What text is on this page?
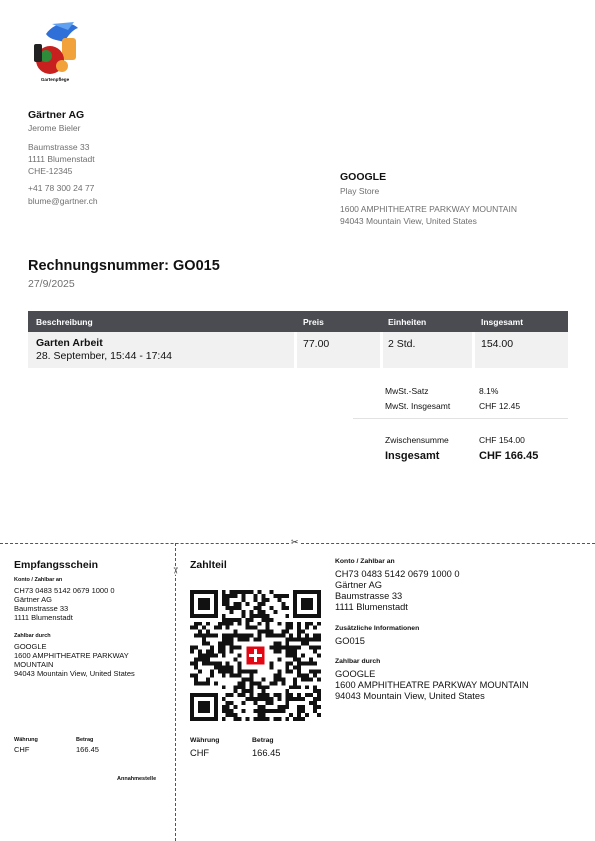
Gartenpflege
Gärtner AG
Jerome Bieler
Baumstrasse 33
1111 Blumenstadt
CHE-12345
+41 78 300 24 77
blume@gartner.ch
GOOGLE
Play Store
1600 AMPHITHEATRE PARKWAY MOUNTAIN
94043 Mountain View, United States
Rechnungsnummer: GO015
27/9/2025
Beschreibung	Preis	Einheiten	Insgesamt
Garten Arbeit
28. September, 15:44 - 17:44
77.00	2 Std.	154.00
MwSt.-Satz	8.1%
MwSt. Insgesamt	CHF 12.45
Zwischensumme	CHF 154.00
Insgesamt	CHF 166.45
✂
✂
Empfangsschein
Konto / Zahlbar an
CH73 0483 5142 0679 1000 0
Gärtner AG
Baumstrasse 33
1111 Blumenstadt
Zahlbar durch
GOOGLE
1600 AMPHITHEATRE PARKWAY
MOUNTAIN
94043 Mountain View, United States
Währung	Betrag
CHF	166.45
Annahmestelle
Zahlteil	Konto / Zahlbar an
CH73 0483 5142 0679 1000 0
Gärtner AG
Baumstrasse 33
1111 Blumenstadt
Zusätzliche Informationen
GO015
Zahlbar durch
GOOGLE
1600 AMPHITHEATRE PARKWAY MOUNTAIN
94043 Mountain View, United States
Währung	Betrag
CHF	166.45
